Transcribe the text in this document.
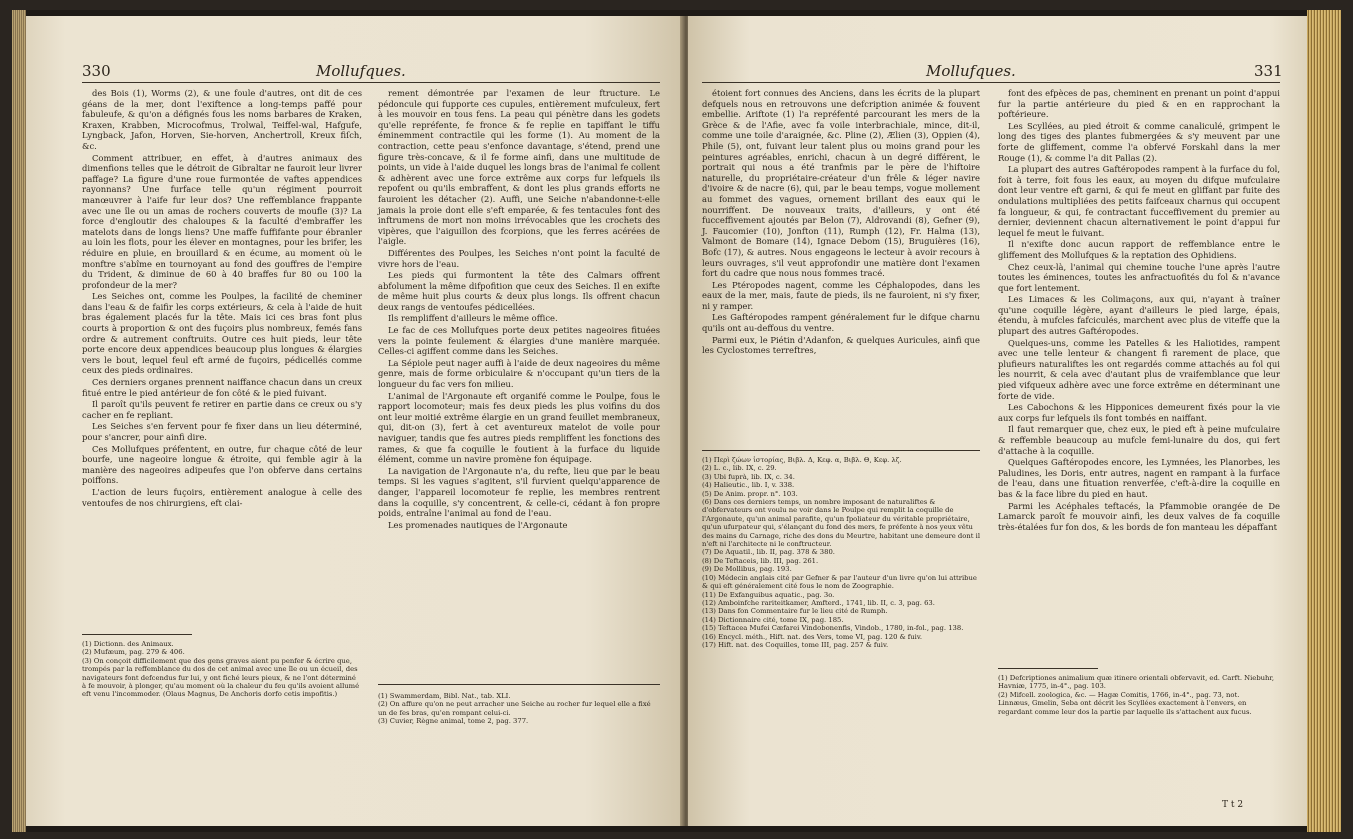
330	Mollufques.

des Bois (1), Worms (2), & une foule d'autres, ont dit de ces géans de la mer, dont l'exiftence a long-temps paffé pour fabuleufe, & qu'on a défignés fous les noms barbares de Kraken, Kraxen, Krabben, Microcofmus, Trolwal, Teiffel-wal, Hafgufe, Lyngback, Jafon, Horven, Sie-horven, Anchertroll, Kreux fiſch, &c.

Comment attribuer, en effet, à d'autres animaux des dimenfions telles que le détroit de Gibraltar ne fauroit leur livrer paffage? La figure d'une roue furmontée de vaftes appendices rayonnans? Une furface telle qu'un régiment pourroit manœuvrer à l'aife fur leur dos? Une reffemblance frappante avec une île ou un amas de rochers couverts de moufle (3)? La force d'engloutir des chaloupes & la faculté d'embraffer les matelots dans de longs liens? Une maffe fuffifante pour ébranler au loin les flots, pour les élever en montagnes, pour les brifer, les réduire en pluie, en brouillard & en écume, au moment où le monftre s'abîme en tournoyant au fond des gouffres de l'empire du Trident, & diminue de 60 à 40 braffes fur 80 ou 100 la profondeur de la mer?

Les Seiches ont, comme les Poulpes, la facilité de cheminer dans l'eau & de faifir les corps extérieurs, & cela à l'aide de huit bras également placés fur la tête. Mais ici ces bras font plus courts à proportion & ont des fuçoirs plus nombreux, femés fans ordre & autrement conftruits. Outre ces huit pieds, leur tête porte encore deux appendices beaucoup plus longues & élargies vers le bout, lequel feul eft armé de fuçoirs, pédicellés comme ceux des pieds ordinaires.

Ces derniers organes prennent naiffance chacun dans un creux fitué entre le pied antérieur de fon côté & le pied fuivant.

Il paroît qu'ils peuvent fe retirer en partie dans ce creux ou s'y cacher en fe repliant.

Les Seiches s'en fervent pour fe fixer dans un lieu déterminé, pour s'ancrer, pour ainfi dire.

Ces Mollufques préfentent, en outre, fur chaque côté de leur bourfe, une nageoire longue & étroite, qui femble agir à la manière des nageoires adipeufes que l'on obferve dans certains poiffons.

L'action de leurs fuçoirs, entièrement analogue à celle des ventoufes de nos chirurgiens, eft clai-

rement démontrée par l'examen de leur ftructure. Le pédoncule qui fupporte ces cupules, entièrement mufculeux, fert à les mouvoir en tous fens. La peau qui pénètre dans les godets qu'elle repréfente, fe fronce & fe replie en tapiffant le tiffu éminemment contractile qui les forme (1). Au moment de la contraction, cette peau s'enfonce davantage, s'étend, prend une figure très-concave, & il fe forme ainfi, dans une multitude de points, un vide à l'aide duquel les longs bras de l'animal fe collent & adhèrent avec une force extrême aux corps fur lefquels ils repofent ou qu'ils embraffent, & dont les plus grands efforts ne fauroient les détacher (2). Auffi, une Seiche n'abandonne-t-elle jamais la proie dont elle s'eft emparée, & fes tentacules font des inftrumens de mort non moins irrévocables que les crochets des vipères, que l'aiguillon des fcorpions, que les ferres acérées de l'aigle.

Différentes des Poulpes, les Seiches n'ont point la faculté de vivre hors de l'eau.

Les pieds qui furmontent la tête des Calmars offrent abfolument la même difpofition que ceux des Seiches. Il en exifte de même huit plus courts & deux plus longs. Ils offrent chacun deux rangs de ventoufes pédicellées.

Ils rempliffent d'ailleurs le même office.

Le fac de ces Mollufques porte deux petites nageoires fituées vers la pointe feulement & élargies d'une manière marquée. Celles-ci agiffent comme dans les Seiches.

La Sépiole peut nager auffi à l'aide de deux nageoires du même genre, mais de forme orbiculaire & n'occupant qu'un tiers de la longueur du fac vers fon milieu.

L'animal de l'Argonaute eft organifé comme le Poulpe, fous le rapport locomoteur; mais fes deux pieds les plus voifins du dos ont leur moitié extrême élargie en un grand feuillet membraneux, qui, dit-on (3), fert à cet aventureux matelot de voile pour naviguer, tandis que fes autres pieds rempliffent les fonctions des rames, & que fa coquille le foutient à la furface du liquide élément, comme un navire promène fon équipage.

La navigation de l'Argonaute n'a, du refte, lieu que par le beau temps. Si les vagues s'agitent, s'il furvient quelqu'apparence de danger, l'appareil locomoteur fe replie, les membres rentrent dans la coquille, s'y concentrent, & celle-ci, cédant à fon propre poids, entraîne l'animal au fond de l'eau.

Les promenades nautiques de l'Argonaute

(1) Dictionn. des Animaux.
(2) Mufæum, pag. 279 & 406.
(3) On conçoit difficilement que des gens graves aient pu penfer & écrire que, trompés par la reffemblance du dos de cet animal avec une île ou un écueil, des navigateurs font defcendus fur lui, y ont fiché leurs pieux, & ne l'ont déterminé à fe mouvoir, à plonger, qu'au moment où la chaleur du feu qu'ils avoient allumé eft venu l'incommoder. (Olaus Magnus, De Anchoris dorfo cetis impofitis.)	(1) Swammerdam, Bibl. Nat., tab. XLI.
(2) On affure qu'on ne peut arracher une Seiche au rocher fur lequel elle a fixé un de fes bras, qu'en rompant celui-ci.
(3) Cuvier, Règne animal, tome 2, pag. 377.
Mollufques.	331

étoient fort connues des Anciens, dans les écrits de la plupart defquels nous en retrouvons une defcription animée & fouvent embellie. Ariftote (1) l'a repréfenté parcourant les mers de la Grèce & de l'Afie, avec fa voile interbrachiale, mince, dit-il, comme une toile d'araignée, &c. Pline (2), Ælien (3), Oppien (4), Phile (5), ont, fuivant leur talent plus ou moins grand pour les peintures agréables, enrichi, chacun à un degré différent, le portrait qui nous a été tranfmis par le père de l'hiftoire naturelle, du propriétaire-créateur d'un frêle & léger navire d'ivoire & de nacre (6), qui, par le beau temps, vogue mollement au fommet des vagues, ornement brillant des eaux qui le nourriffent. De nouveaux traits, d'ailleurs, y ont été fucceffivement ajoutés par Belon (7), Aldrovandi (8), Gefner (9), J. Faucomier (10), Jonfton (11), Rumph (12), Fr. Halma (13), Valmont de Bomare (14), Ignace Debom (15), Bruguières (16), Bofc (17), & autres. Nous engageons le lecteur à avoir recours à leurs ouvrages, s'il veut approfondir une matière dont l'examen fort du cadre que nous nous fommes tracé.

Les Ptéropodes nagent, comme les Céphalopodes, dans les eaux de la mer, mais, faute de pieds, ils ne fauroient, ni s'y fixer, ni y ramper.

Les Gaftéropodes rampent généralement fur le difque charnu qu'ils ont au-deffous du ventre.

Parmi eux, le Piétin d'Adanfon, & quelques Auricules, ainfi que les Cyclostomes terreftres,

font des efpèces de pas, cheminent en prenant un point d'appui fur la partie antérieure du pied & en en rapprochant la poftérieure.

Les Scyllées, au pied étroit & comme canaliculé, grimpent le long des tiges des plantes fubmergées & s'y meuvent par une forte de gliffement, comme l'a obfervé Forskahl dans la mer Rouge (1), & comme l'a dit Pallas (2).

La plupart des autres Gaftéropodes rampent à la furface du fol, foit à terre, foit fous les eaux, au moyen du difque mufculaire dont leur ventre eft garni, & qui fe meut en gliffant par fuite des ondulations multipliées des petits faifceaux charnus qui occupent fa longueur, & qui, fe contractant fucceffivement du premier au dernier, deviennent chacun alternativement le point d'appui fur lequel fe meut le fuivant.

Il n'exifte donc aucun rapport de reffemblance entre le gliffement des Mollufques & la reptation des Ophidiens.

Chez ceux-là, l'animal qui chemine touche l'une après l'autre toutes les éminences, toutes les anfractuofités du fol & n'avance que fort lentement.

Les Limaces & les Colimaçons, aux qui, n'ayant à traîner qu'une coquille légère, ayant d'ailleurs le pied large, épais, étendu, à mufcles fafciculés, marchent avec plus de viteffe que la plupart des autres Gaftéropodes.

Quelques-uns, comme les Patelles & les Haliotides, rampent avec une telle lenteur & changent fi rarement de place, que plufieurs naturaliftes les ont regardés comme attachés au fol qui les nourrit, & cela avec d'autant plus de vraifemblance que leur pied vifqueux adhère avec une force extrême en déterminant une forte de vide.

Les Cabochons & les Hipponices demeurent fixés pour la vie aux corps fur lefquels ils font tombés en naiffant.

Il faut remarquer que, chez eux, le pied eft à peine mufculaire & reffemble beaucoup au mufcle femi-lunaire du dos, qui fert d'attache à la coquille.

Quelques Gaftéropodes encore, les Lymnées, les Planorbes, les Paludines, les Doris, entr autres, nagent en rampant à la furface de l'eau, dans une fituation renverfée, c'eft-à-dire la coquille en bas & la face libre du pied en haut.

Parmi les Acéphales teftacés, la Pfammobie orangée de De Lamarck paroît fe mouvoir ainfi, les deux valves de fa coquille très-étalées fur fon dos, & les bords de fon manteau les dépaffant

(1) Περὶ ζώων ἱστορίας, Βιβλ. Δ, Κεφ. α, Βιβλ. Θ, Κεφ. λζ.
(2) L. c., lib. IX, c. 29.
(3) Ubi fuprà, lib. IX, c. 34.
(4) Halieutic., lib. I, v. 338.
(5) De Anim. propr. n°. 103.
(6) Dans ces derniers temps, un nombre imposant de naturaliftes & d'obfervateurs ont voulu ne voir dans le Poulpe qui remplit la coquille de l'Argonaute, qu'un animal parafite, qu'un fpoliateur du véritable propriétaire, qu'un ufurpateur qui, s'élançant du fond des mers, fe préfente à nos yeux vêtu des mains du Carnage, riche des dons du Meurtre, habitant une demeure dont il n'eft ni l'architecte ni le conftructeur.
(7) De Aquatil., lib. II, pag. 378 & 380.
(8) De Teftaceis, lib. III, pag. 261.
(9) De Mollibus, pag. 193.
(10) Médecin anglais cité par Gefner & par l'auteur d'un livre qu'on lui attribue & qui eft généralement cité fous le nom de Zoographie.
(11) De Exfanguibus aquatic., pag. 3o.
(12) Amboinfche rariteitkamer, Amfterd., 1741, lib. II, c. 3, pag. 63.
(13) Dans fon Commentaire fur le lieu cité de Rumph.
(14) Dictionnaire cité, tome IX, pag. 185.
(15) Teftacea Mufei Cæfarei Vindobonenfis, Vindob., 1780, in-fol., pag. 138.
(16) Encycl. méth., Hift. nat. des Vers, tome VI, pag. 120 & fuiv.
(17) Hift. nat. des Coquilles, tome III, pag. 257 & fuiv.
(1) Defcriptiones animalium quæ itinere orientali obfervavit, ed. Carft. Niebuhr, Havniæ, 1775, in-4°., pag. 103.
(2) Mifcell. zoologica, &c. — Hagæ Comitis, 1766, in-4°., pag. 73, not.
Linnæus, Gmelin, Seba ont décrit les Scyllées exactement à l'envers, en regardant comme leur dos la partie par laquelle ils s'attachent aux fucus.
T t 2
